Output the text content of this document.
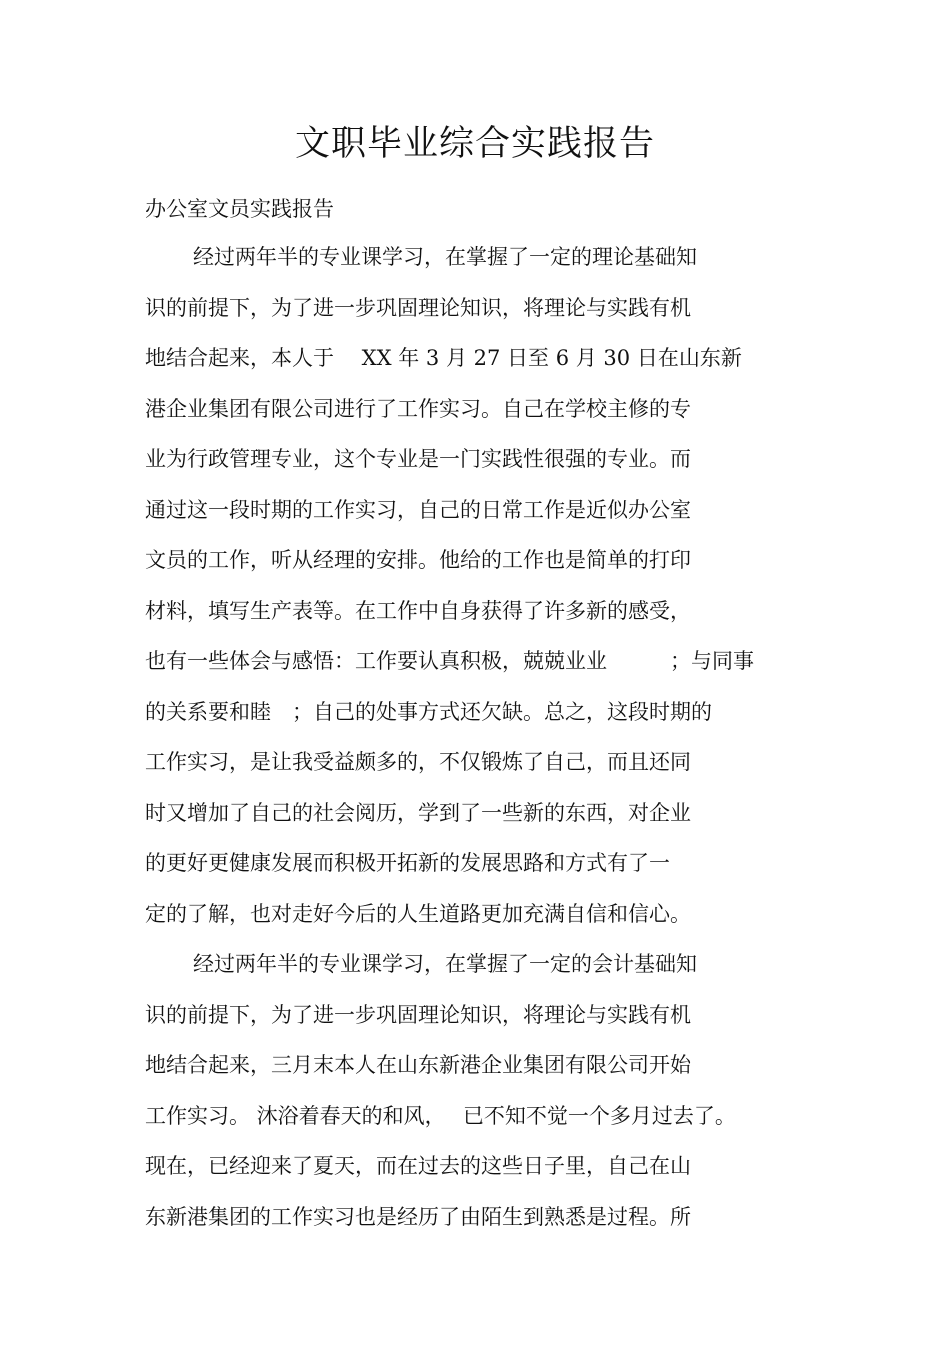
文职毕业综合实践报告
办公室文员实践报告
经过两年半的专业课学习，在掌握了一定的理论基础知
识的前提下，为了进一步巩固理论知识，将理论与实践有机
地结合起来，本人于　 XX 年 3 月 27 日至 6 月 30 日在山东新
港企业集团有限公司进行了工作实习。自己在学校主修的专
业为行政管理专业，这个专业是一门实践性很强的专业。而
通过这一段时期的工作实习，自己的日常工作是近似办公室
文员的工作，听从经理的安排。他给的工作也是简单的打印
材料，填写生产表等。在工作中自身获得了许多新的感受，
也有一些体会与感悟：工作要认真积极，兢兢业业　　　；与同事
的关系要和睦　；自己的处事方式还欠缺。总之，这段时期的
工作实习，是让我受益颇多的，不仅锻炼了自己，而且还同
时又增加了自己的社会阅历，学到了一些新的东西，对企业
的更好更健康发展而积极开拓新的发展思路和方式有了一
定的了解，也对走好今后的人生道路更加充满自信和信心。
经过两年半的专业课学习，在掌握了一定的会计基础知
识的前提下，为了进一步巩固理论知识，将理论与实践有机
地结合起来，三月末本人在山东新港企业集团有限公司开始
工作实习。 沐浴着春天的和风，　 已不知不觉一个多月过去了。
现在，已经迎来了夏天，而在过去的这些日子里，自己在山
东新港集团的工作实习也是经历了由陌生到熟悉是过程。所
